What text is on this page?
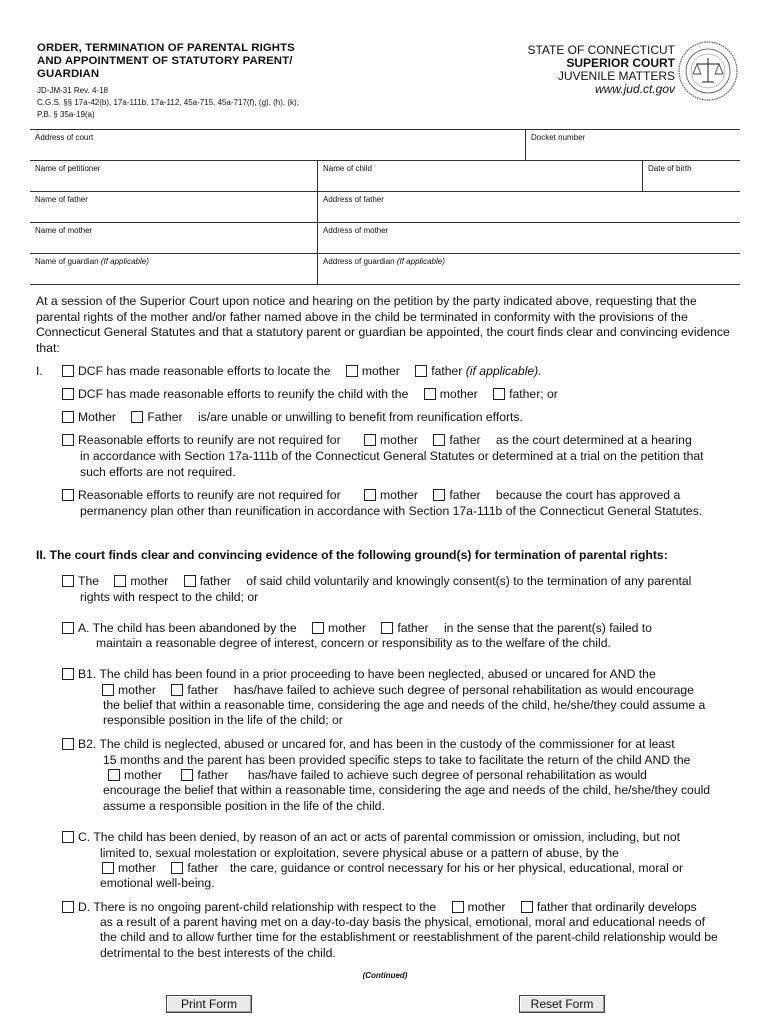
ORDER, TERMINATION OF PARENTAL RIGHTS
AND APPOINTMENT OF STATUTORY PARENT/
GUARDIAN
JD-JM-31 Rev. 4-18
C.G.S. §§ 17a-42(b), 17a-111b, 17a-112, 45a-715, 45a-717(f), (g), (h), (k);
P.B. § 35a-19(a)
STATE OF CONNECTICUT
SUPERIOR COURT
JUVENILE MATTERS
www.jud.ct.gov
Address of court	Docket number
Name of petitioner	Name of child	Date of birth
Name of father	Address of father
Name of mother	Address of mother
Name of guardian (If applicable)	Address of guardian (If applicable)
At a session of the Superior Court upon notice and hearing on the petition by the party indicated above, requesting that the parental rights of the mother and/or father named above in the child be terminated in conformity with the provisions of the Connecticut General Statutes and that a statutory parent or guardian be appointed, the court finds clear and convincing evidence that:
I.	DCF has made reasonable efforts to locate the	mother	father (if applicable).
DCF has made reasonable efforts to reunify the child with the	mother	father; or
Mother	Father is/are unable or unwilling to benefit from reunification efforts.
Reasonable efforts to reunify are not required for	mother	father as the court determined at a hearing
in accordance with Section 17a-111b of the Connecticut General Statutes or determined at a trial on the petition that
such efforts are not required.
Reasonable efforts to reunify are not required for	mother	father because the court has approved a
permanency plan other than reunification in accordance with Section 17a-111b of the Connecticut General Statutes.
II. The court finds clear and convincing evidence of the following ground(s) for termination of parental rights:
The	mother	father of said child voluntarily and knowingly consent(s) to the termination of any parental
rights with respect to the child; or
A. The child has been abandoned by the	mother	father in the sense that the parent(s) failed to
maintain a reasonable degree of interest, concern or responsibility as to the welfare of the child.
B1. The child has been found in a prior proceeding to have been neglected, abused or uncared for AND the
mother	father has/have failed to achieve such degree of personal rehabilitation as would encourage
the belief that within a reasonable time, considering the age and needs of the child, he/she/they could assume a
responsible position in the life of the child; or
B2. The child is neglected, abused or uncared for, and has been in the custody of the commissioner for at least
15 months and the parent has been provided specific steps to take to facilitate the return of the child AND the
mother	father has/have failed to achieve such degree of personal rehabilitation as would
encourage the belief that within a reasonable time, considering the age and needs of the child, he/she/they could
assume a responsible position in the life of the child.
C. The child has been denied, by reason of an act or acts of parental commission or omission, including, but not
limited to, sexual molestation or exploitation, severe physical abuse or a pattern of abuse, by the
mother	father the care, guidance or control necessary for his or her physical, educational, moral or
emotional well-being.
D. There is no ongoing parent-child relationship with respect to the	mother	father that ordinarily develops
as a result of a parent having met on a day-to-day basis the physical, emotional, moral and educational needs of
the child and to allow further time for the establishment or reestablishment of the parent-child relationship would be
detrimental to the best interests of the child.
(Continued)
Print Form	Reset Form
